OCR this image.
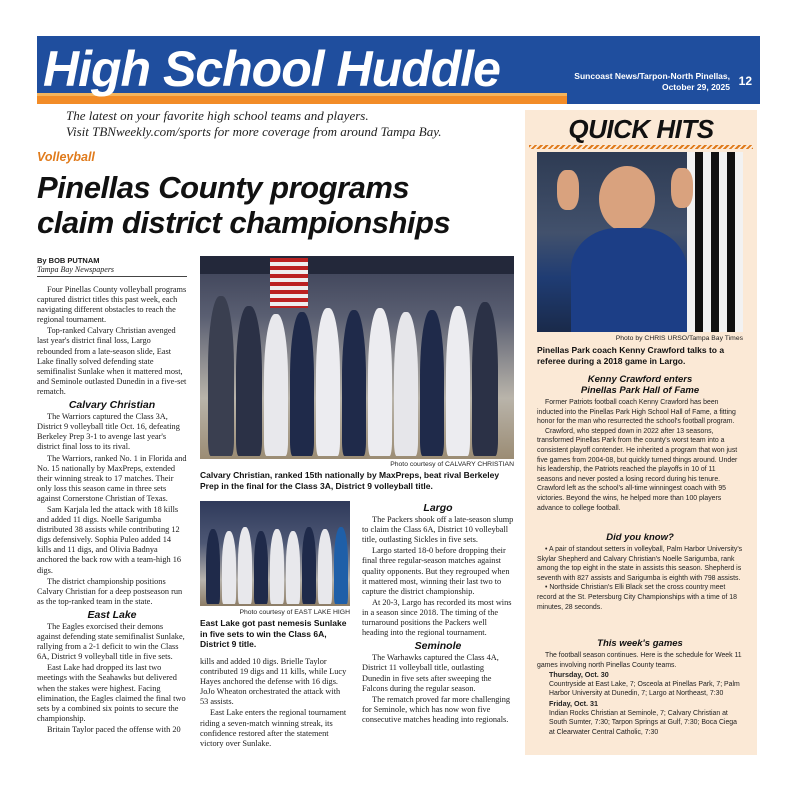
High School Huddle	Suncoast News/Tarpon-North Pinellas,
October 29, 2025 12
The latest on your favorite high school teams and players.
Visit TBNweekly.com/sports for more coverage from around Tampa Bay.
Volleyball
Pinellas County programs
claim district championships
By BOB PUTNAM
Tampa Bay Newspapers

Four Pinellas County volleyball programs captured district titles this past week, each navigating different obstacles to reach the regional tournament.

Top-ranked Calvary Christian avenged last year's district final loss, Largo rebounded from a late-season slide, East Lake finally solved defending state semifinalist Sunlake when it mattered most, and Seminole outlasted Dunedin in a five-set rematch.

Calvary Christian

The Warriors captured the Class 3A, District 9 volleyball title Oct. 16, defeating Berkeley Prep 3-1 to avenge last year's district final loss to its rival.

The Warriors, ranked No. 1 in Florida and No. 15 nationally by MaxPreps, extended their winning streak to 17 matches. Their only loss this season came in three sets against Cornerstone Christian of Texas.

Sam Karjala led the attack with 18 kills and added 11 digs. Noelle Sarigumba distributed 38 assists while contributing 12 digs defensively. Sophia Puleo added 14 kills and 11 digs, and Olivia Badnya anchored the back row with a team-high 16 digs.

The district championship positions Calvary Christian for a deep postseason run as the top-ranked team in the state.

East Lake

The Eagles exorcised their demons against defending state semifinalist Sunlake, rallying from a 2-1 deficit to win the Class 6A, District 9 volleyball title in five sets.

East Lake had dropped its last two meetings with the Seahawks but delivered when the stakes were highest. Facing elimination, the Eagles claimed the final two sets by a combined six points to secure the championship.

Britain Taylor paced the offense with 20

Photo courtesy of CALVARY CHRISTIAN
Calvary Christian, ranked 15th nationally by MaxPreps, beat rival Berkeley Prep in the final for the Class 3A, District 9 volleyball title.
Photo courtesy of EAST LAKE HIGH
East Lake got past nemesis Sunlake in five sets to win the Class 6A, District 9 title.

kills and added 10 digs. Brielle Taylor contributed 19 digs and 11 kills, while Lucy Hayes anchored the defense with 16 digs. JoJo Wheaton orchestrated the attack with 53 assists.

East Lake enters the regional tournament riding a seven-match winning streak, its confidence restored after the statement victory over Sunlake.

Largo

The Packers shook off a late-season slump to claim the Class 6A, District 10 volleyball title, outlasting Sickles in five sets.

Largo started 18-0 before dropping their final three regular-season matches against quality opponents. But they regrouped when it mattered most, winning their last two to capture the district championship.

At 20-3, Largo has recorded its most wins in a season since 2018. The timing of the turnaround positions the Packers well heading into the regional tournament.

Seminole

The Warhawks captured the Class 4A, District 11 volleyball title, outlasting Dunedin in five sets after sweeping the Falcons during the regular season.

The rematch proved far more challenging for Seminole, which has now won five consecutive matches heading into regionals.

QUICK HITS
Photo by CHRIS URSO/Tampa Bay Times
Pinellas Park coach Kenny Crawford talks to a referee during a 2018 game in Largo.
Kenny Crawford enters
Pinellas Park Hall of Fame

Former Patriots football coach Kenny Crawford has been inducted into the Pinellas Park High School Hall of Fame, a fitting honor for the man who resurrected the school's football program.

Crawford, who stepped down in 2022 after 13 seasons, transformed Pinellas Park from the county's worst team into a consistent playoff contender. He inherited a program that won just five games from 2004-08, but quickly turned things around. Under his leadership, the Patriots reached the playoffs in 10 of 11 seasons and never posted a losing record during his tenure. Crawford left as the school's all-time winningest coach with 95 victories. Beyond the wins, he helped more than 100 players advance to college football.

Did you know?

• A pair of standout setters in volleyball, Palm Harbor University's Skylar Shepherd and Calvary Christian's Noelle Sarigumba, rank among the top eight in the state in assists this season. Shepherd is seventh with 827 assists and Sarigumba is eighth with 798 assists.

• Northside Christian's Elli Black set the cross country meet record at the St. Petersburg City Championships with a time of 18 minutes, 28 seconds.

This week's games

The football season continues. Here is the schedule for Week 11 games involving north Pinellas County teams.

Thursday, Oct. 30

Countryside at East Lake, 7; Osceola at Pinellas Park, 7; Palm Harbor University at Dunedin, 7; Largo at Northeast, 7:30

Friday, Oct. 31

Indian Rocks Christian at Seminole, 7; Calvary Christian at South Sumter, 7:30; Tarpon Springs at Gulf, 7:30; Boca Ciega at Clearwater Central Catholic, 7:30
